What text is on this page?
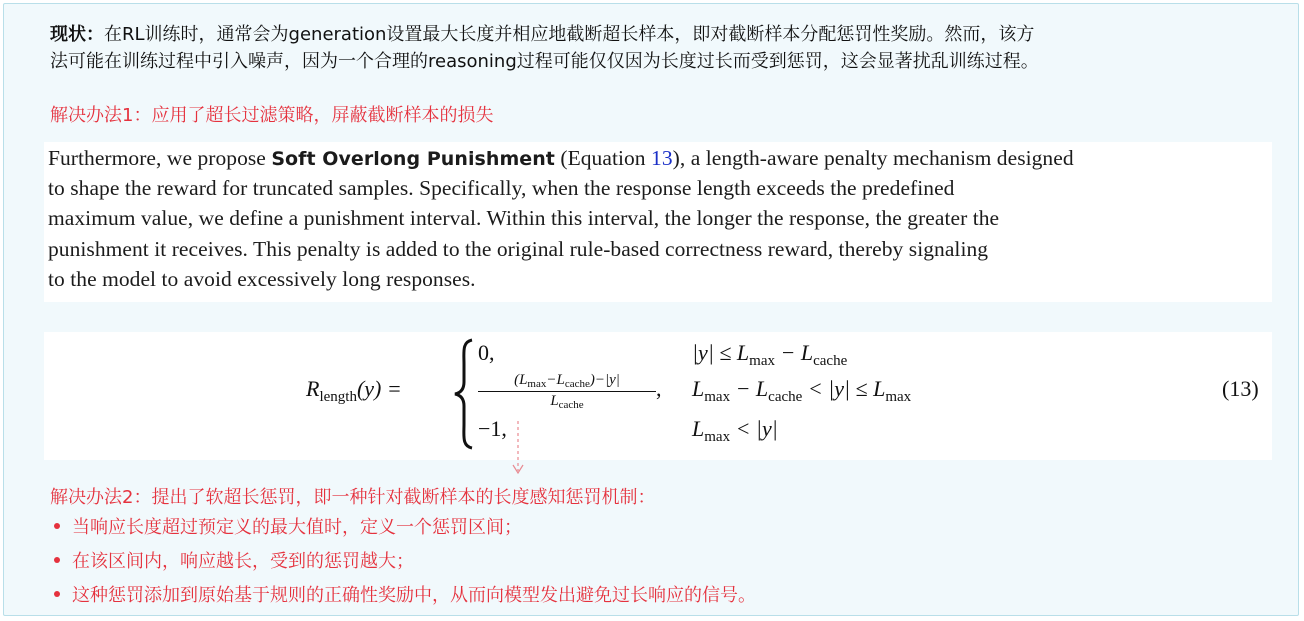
现状：在RL训练时，通常会为generation设置最大长度并相应地截断超长样本，即对截断样本分配惩罚性奖励。然而，该方
法可能在训练过程中引入噪声，因为一个合理的reasoning过程可能仅仅因为长度过长而受到惩罚，这会显著扰乱训练过程。
解决办法1：应用了超长过滤策略，屏蔽截断样本的损失
Furthermore, we propose Soft Overlong Punishment (Equation 13), a length-aware penalty mechanism designed
to shape the reward for truncated samples. Specifically, when the response length exceeds the predefined
maximum value, we define a punishment interval. Within this interval, the longer the response, the greater the
punishment it receives. This penalty is added to the original rule-based correctness reward, thereby signaling
to the model to avoid excessively long responses.
$R_{length}(y)$ =
0,	$|y| \le L_{max} - L_{cache}$
$(L_{max}-L_{cache})-|y|$
$L_{cache}$
, $L_{max} - L_{cache} < |y| \le L_{max}$
−1,	$L_{max} < |y|$
(13)
解决办法2：提出了软超长惩罚，即一种针对截断样本的长度感知惩罚机制：
当响应长度超过预定义的最大值时，定义一个惩罚区间；
在该区间内，响应越长，受到的惩罚越大；
这种惩罚添加到原始基于规则的正确性奖励中，从而向模型发出避免过长响应的信号。
